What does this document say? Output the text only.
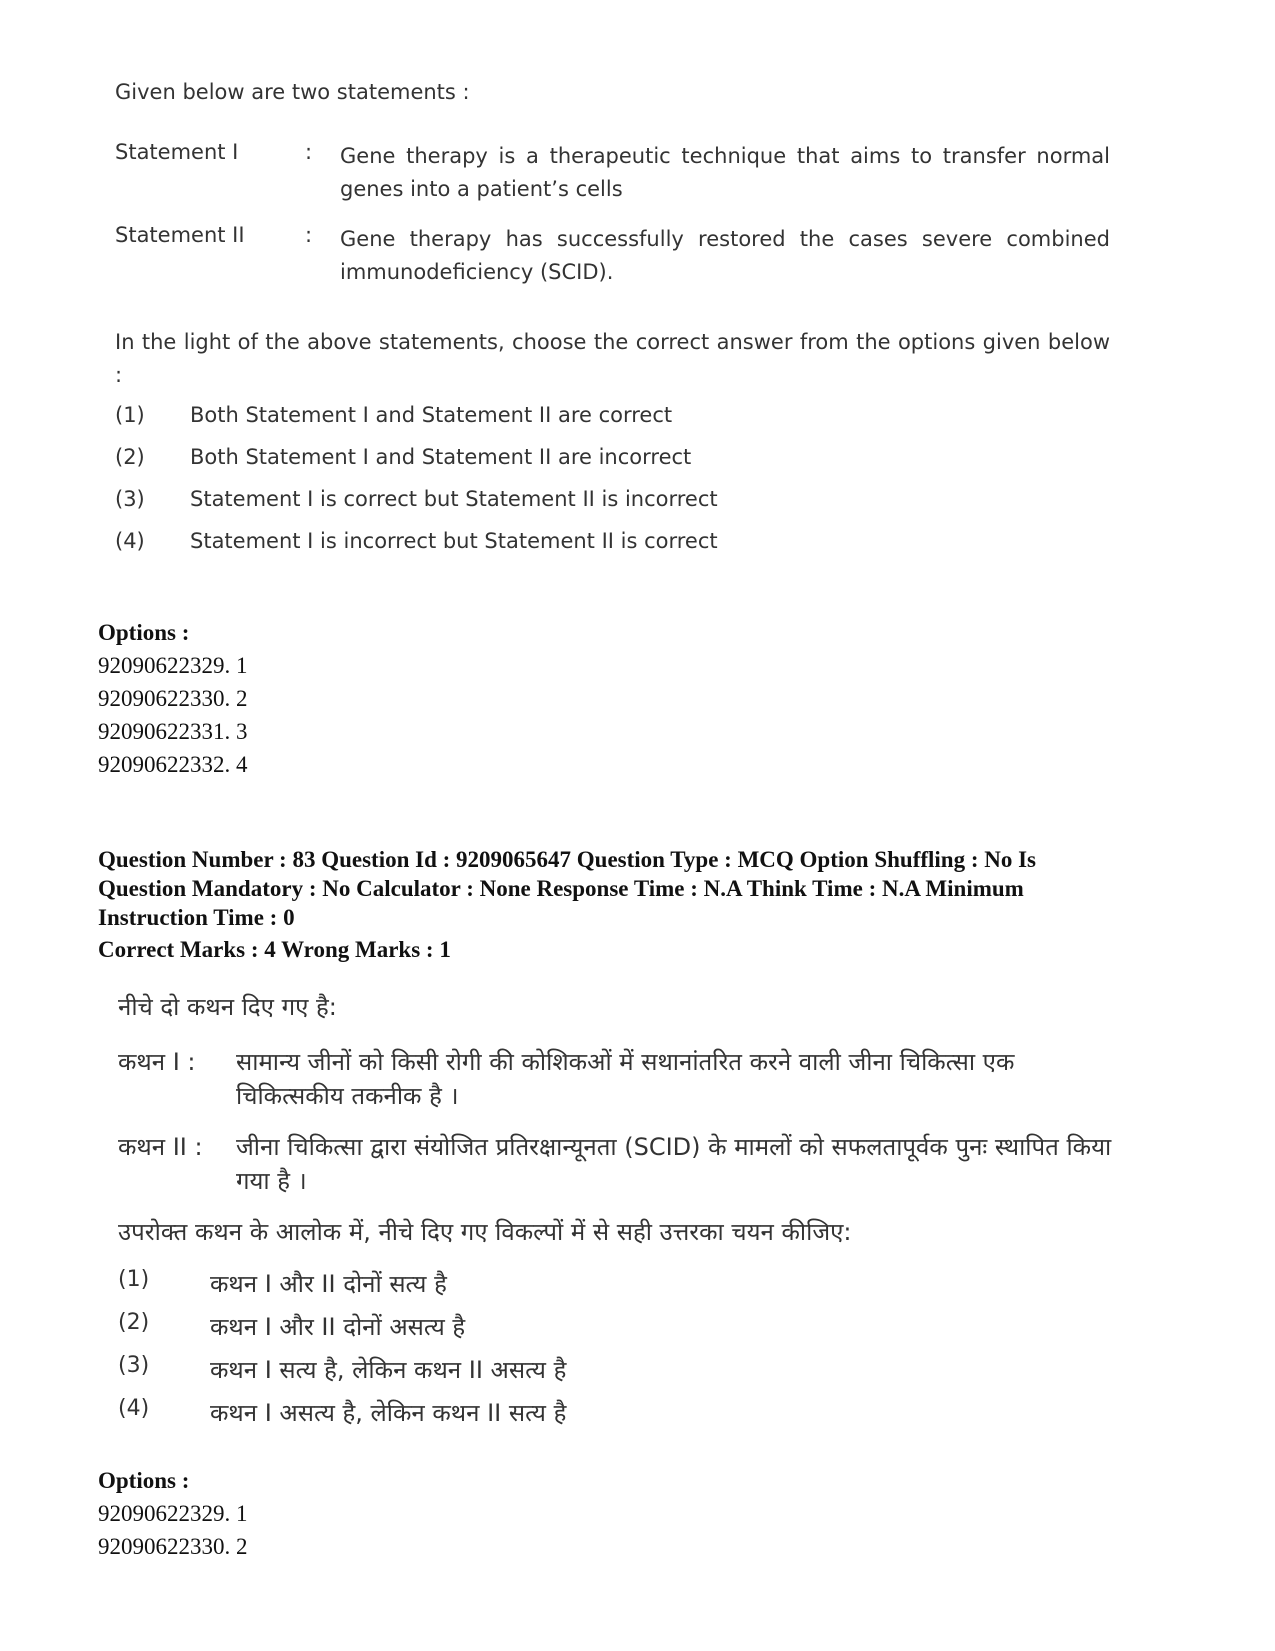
Given below are two statements :
Statement I	: Gene therapy is a therapeutic technique that aims to transfer normal genes into a patient’s cells
Statement II	: Gene therapy has successfully restored the cases severe combined immunodeficiency (SCID).
In the light of the above statements, choose the correct answer from the options given below :
(1) Both Statement I and Statement II are correct
(2) Both Statement I and Statement II are incorrect
(3) Statement I is correct but Statement II is incorrect
(4) Statement I is incorrect but Statement II is correct
Options :
92090622329. 1
92090622330. 2
92090622331. 3
92090622332. 4
Question Number : 83 Question Id : 9209065647 Question Type : MCQ Option Shuffling : No Is Question Mandatory : No Calculator : None Response Time : N.A Think Time : N.A Minimum Instruction Time : 0
Correct Marks : 4 Wrong Marks : 1
नीचे दो कथन दिए गए है:
कथन I : सामान्य जीनों को किसी रोगी की कोशिकओं में सथानांतरित करने वाली जीना चिकित्सा एक चिकित्सकीय तकनीक है ।
कथन II : जीना चिकित्सा द्वारा संयोजित प्रतिरक्षान्यूनता (SCID) के मामलों को सफलतापूर्वक पुनः स्थापित किया गया है ।
उपरोक्त कथन के आलोक में, नीचे दिए गए विकल्पों में से सही उत्तरका चयन कीजिए:
(1)	कथन I और II दोनों सत्य है
(2)	कथन I और II दोनों असत्य है
(3)	कथन I सत्य है, लेकिन कथन II असत्य है
(4)	कथन I असत्य है, लेकिन कथन II सत्य है
Options :
92090622329. 1
92090622330. 2
